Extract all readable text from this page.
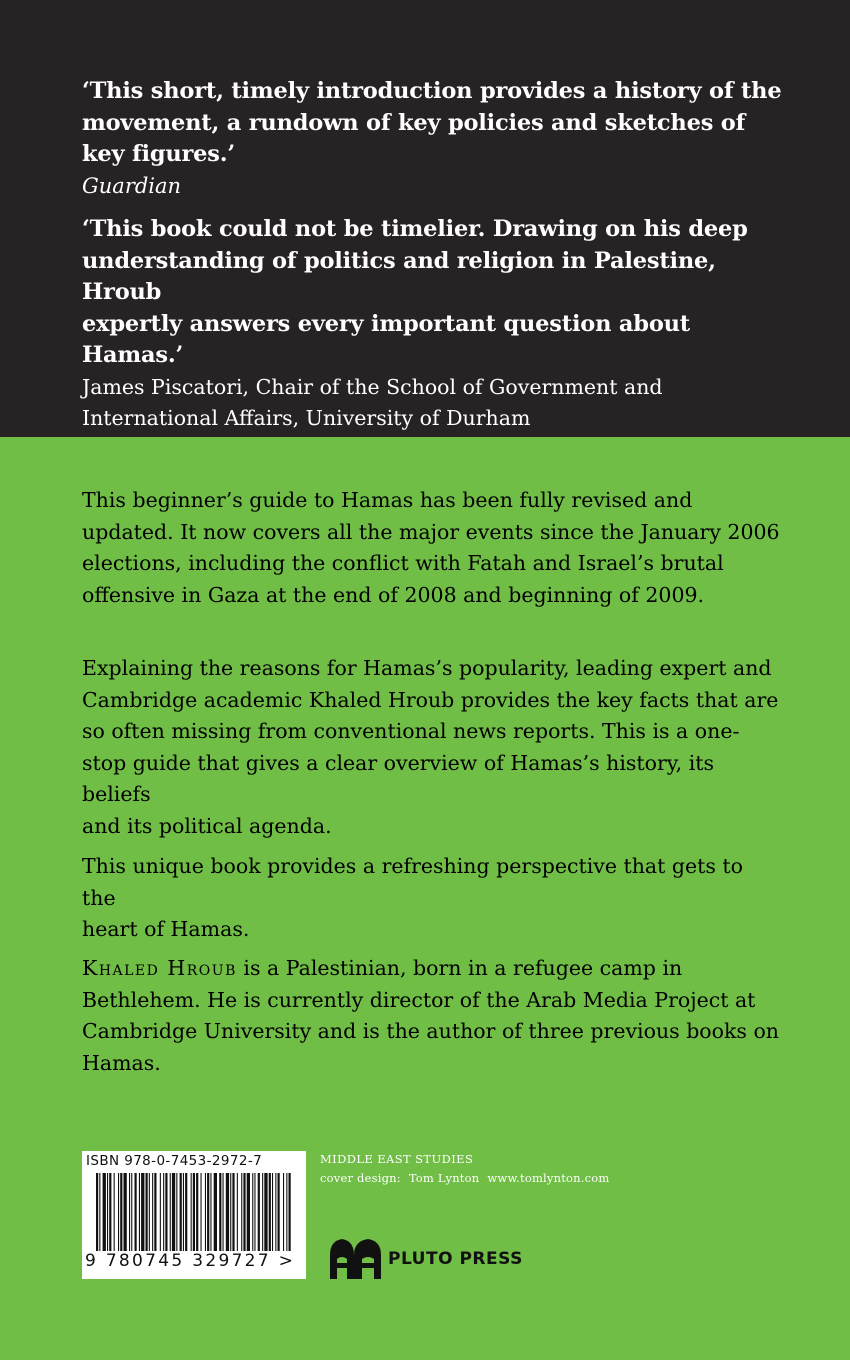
‘This short, timely introduction provides a history of the
movement, a rundown of key policies and sketches of key figures.’
Guardian
‘This book could not be timelier. Drawing on his deep
understanding of politics and religion in Palestine, Hroub
expertly answers every important question about Hamas.’
James Piscatori, Chair of the School of Government and
International Affairs, University of Durham
This beginner’s guide to Hamas has been fully revised and
updated. It now covers all the major events since the January 2006
elections, including the conflict with Fatah and Israel’s brutal
offensive in Gaza at the end of 2008 and beginning of 2009.
Explaining the reasons for Hamas’s popularity, leading expert and
Cambridge academic Khaled Hroub provides the key facts that are
so often missing from conventional news reports. This is a one-
stop guide that gives a clear overview of Hamas’s history, its beliefs
and its political agenda.
This unique book provides a refreshing perspective that gets to the
heart of Hamas.
Khaled Hroub is a Palestinian, born in a refugee camp in
Bethlehem. He is currently director of the Arab Media Project at
Cambridge University and is the author of three previous books on
Hamas.
ISBN 978-0-7453-2972-7
9 780745 329727 >
MIDDLE EAST STUDIES
cover design: Tom Lynton www.tomlynton.com
PLUTO PRESS
